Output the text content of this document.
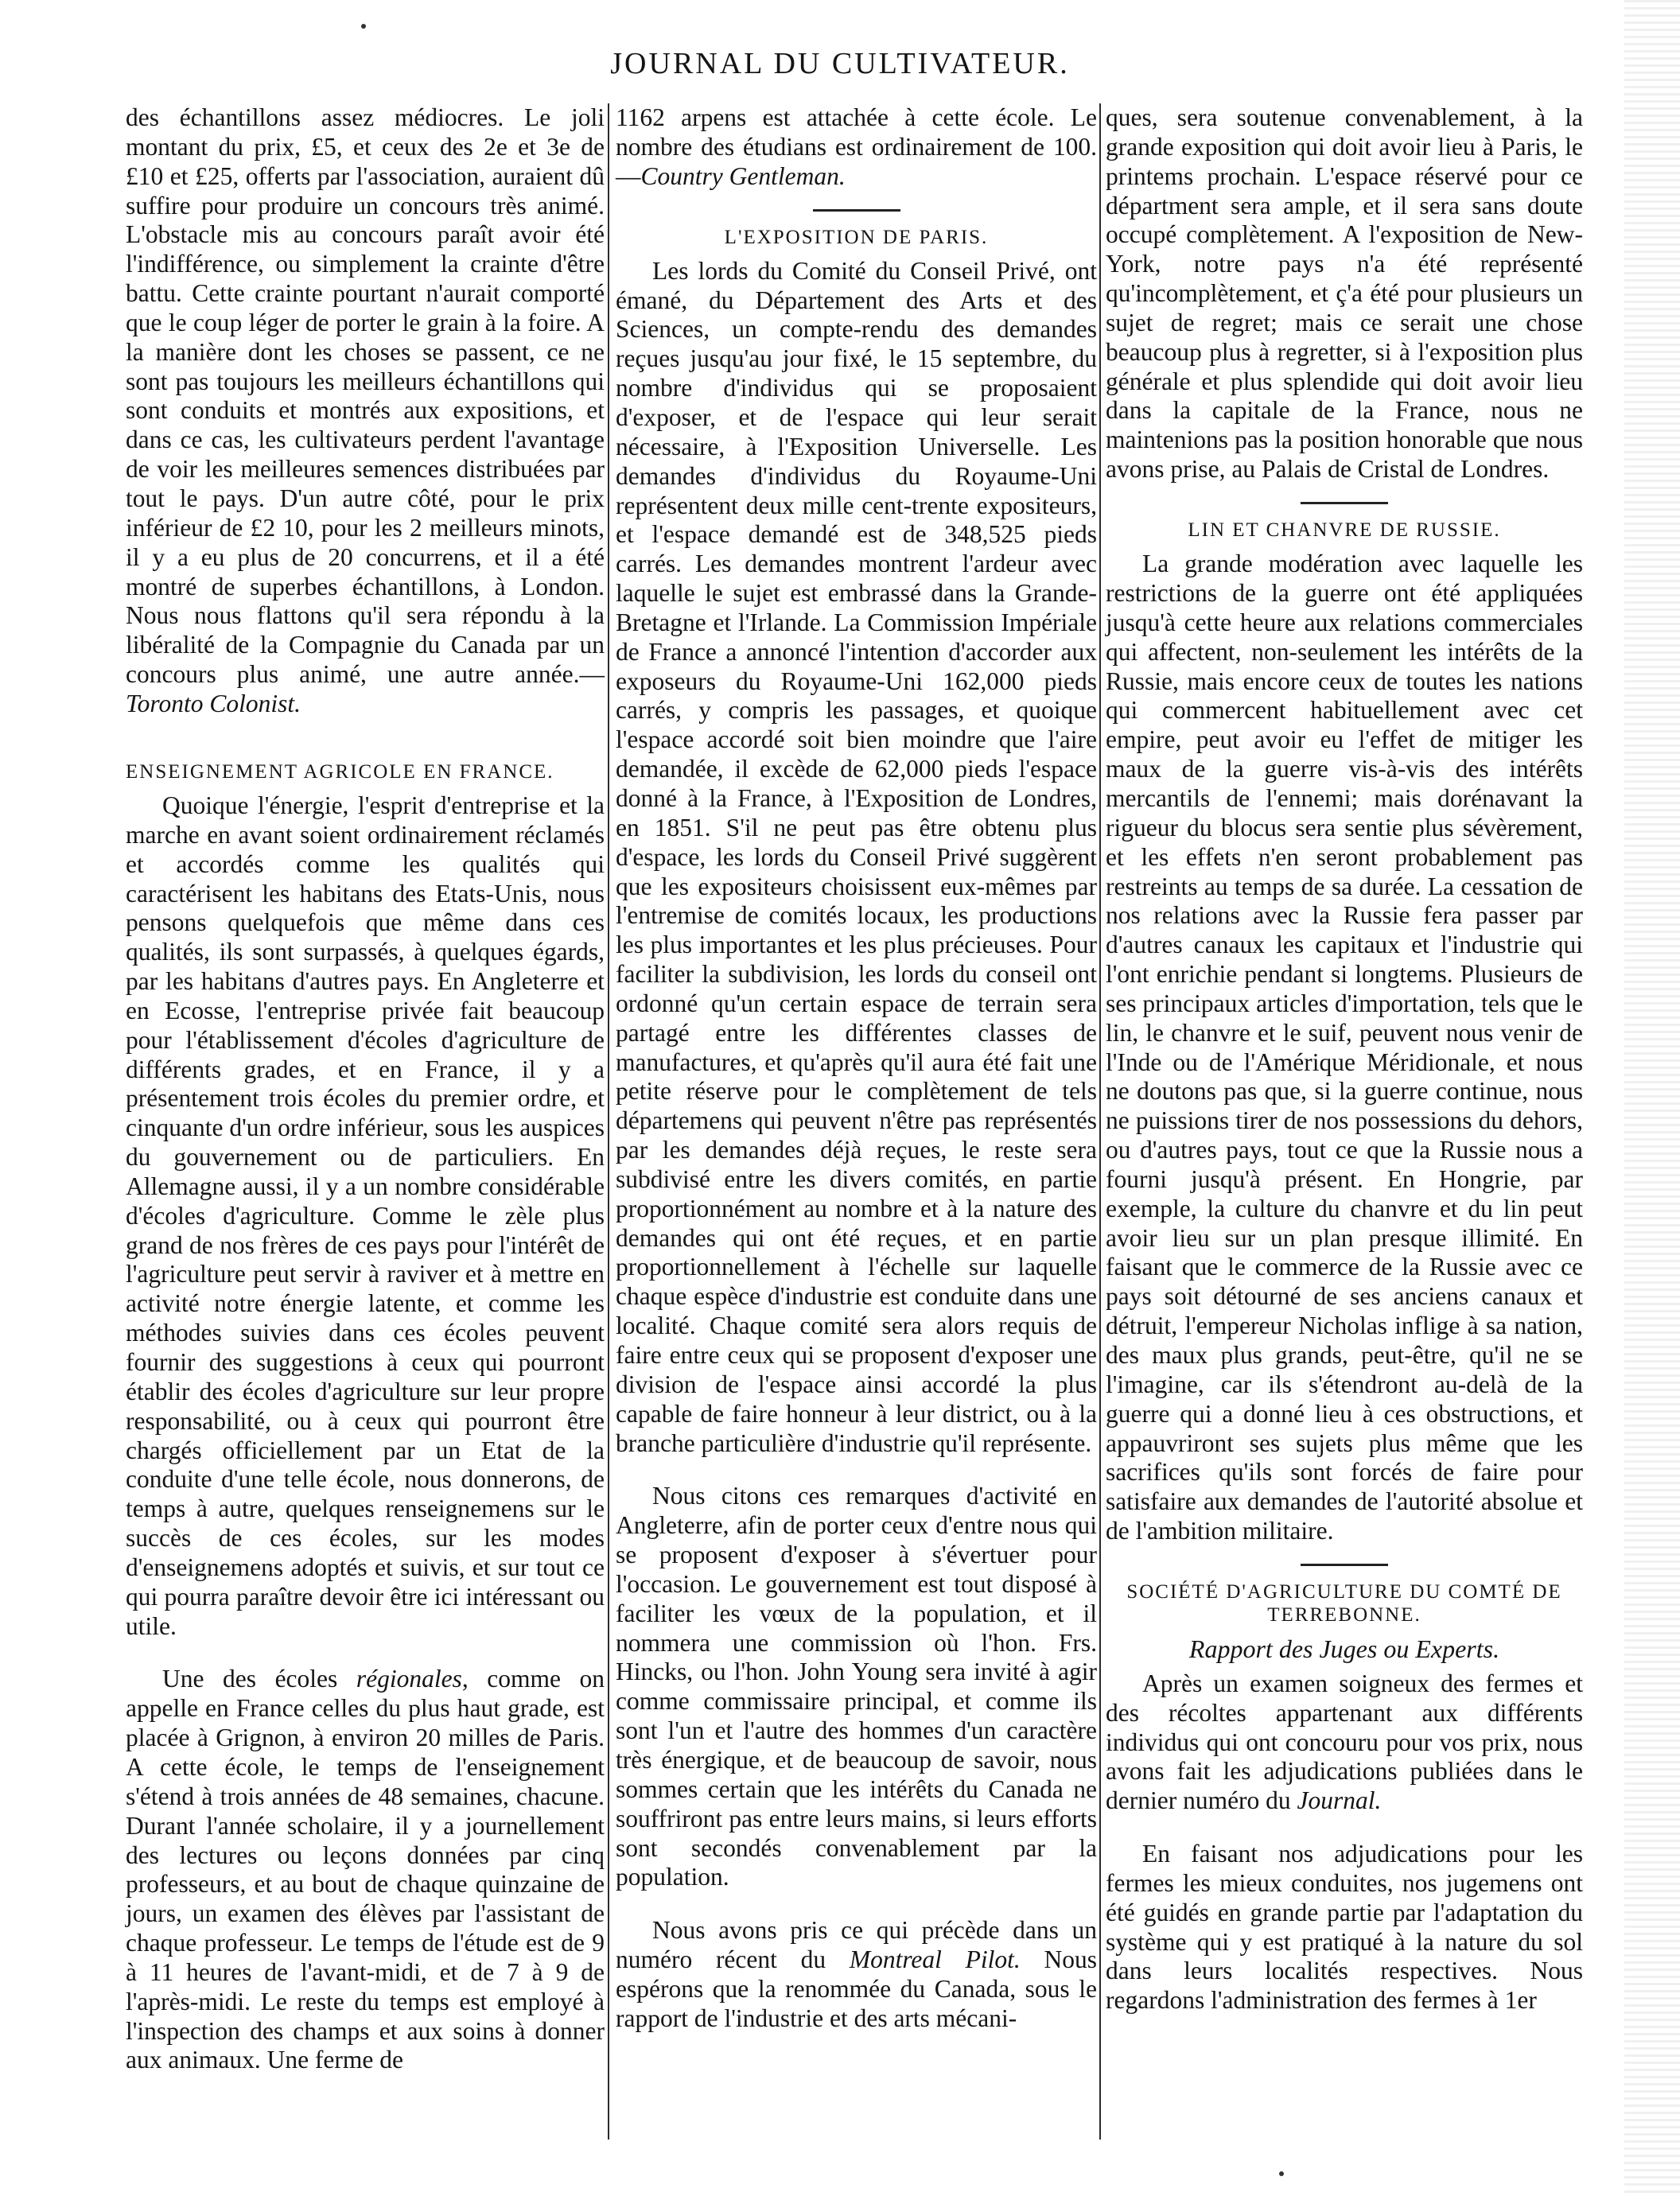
JOURNAL DU CULTIVATEUR.

des échantillons assez médiocres. Le joli montant du prix, £5, et ceux des 2e et 3e de £10 et £25, offerts par l'association, auraient dû suffire pour produire un concours très animé. L'obstacle mis au concours paraît avoir été l'indifférence, ou simplement la crainte d'être battu. Cette crainte pourtant n'aurait comporté que le coup léger de porter le grain à la foire. A la manière dont les choses se passent, ce ne sont pas toujours les meilleurs échantillons qui sont conduits et montrés aux expositions, et dans ce cas, les cultivateurs perdent l'avantage de voir les meilleures semences distribuées par tout le pays. D'un autre côté, pour le prix inférieur de £2 10, pour les 2 meilleurs minots, il y a eu plus de 20 concurrens, et il a été montré de superbes échantillons, à London. Nous nous flattons qu'il sera répondu à la libéralité de la Compagnie du Canada par un concours plus animé, une autre année.—Toronto Colonist.

ENSEIGNEMENT AGRICOLE EN FRANCE.

Quoique l'énergie, l'esprit d'entreprise et la marche en avant soient ordinairement réclamés et accordés comme les qualités qui caractérisent les habitans des Etats-Unis, nous pensons quelquefois que même dans ces qualités, ils sont surpassés, à quelques égards, par les habitans d'autres pays. En Angleterre et en Ecosse, l'entreprise privée fait beaucoup pour l'établissement d'écoles d'agriculture de différents grades, et en France, il y a présentement trois écoles du premier ordre, et cinquante d'un ordre inférieur, sous les auspices du gouvernement ou de particuliers. En Allemagne aussi, il y a un nombre considérable d'écoles d'agriculture. Comme le zèle plus grand de nos frères de ces pays pour l'intérêt de l'agriculture peut servir à raviver et à mettre en activité notre énergie latente, et comme les méthodes suivies dans ces écoles peuvent fournir des suggestions à ceux qui pourront établir des écoles d'agriculture sur leur propre responsabilité, ou à ceux qui pourront être chargés officiellement par un Etat de la conduite d'une telle école, nous donnerons, de temps à autre, quelques renseignemens sur le succès de ces écoles, sur les modes d'enseignemens adoptés et suivis, et sur tout ce qui pourra paraître devoir être ici intéressant ou utile.

Une des écoles régionales, comme on appelle en France celles du plus haut grade, est placée à Grignon, à environ 20 milles de Paris. A cette école, le temps de l'enseignement s'étend à trois années de 48 semaines, chacune. Durant l'année scholaire, il y a journellement des lectures ou leçons données par cinq professeurs, et au bout de chaque quinzaine de jours, un examen des élèves par l'assistant de chaque professeur. Le temps de l'étude est de 9 à 11 heures de l'avant-midi, et de 7 à 9 de l'après-midi. Le reste du temps est employé à l'inspection des champs et aux soins à donner aux animaux. Une ferme de

1162 arpens est attachée à cette école. Le nombre des étudians est ordinairement de 100.—Country Gentleman.

L'EXPOSITION DE PARIS.

Les lords du Comité du Conseil Privé, ont émané, du Département des Arts et des Sciences, un compte-rendu des demandes reçues jusqu'au jour fixé, le 15 septembre, du nombre d'individus qui se proposaient d'exposer, et de l'espace qui leur serait nécessaire, à l'Exposition Universelle. Les demandes d'individus du Royaume-Uni représentent deux mille cent-trente expositeurs, et l'espace demandé est de 348,525 pieds carrés. Les demandes montrent l'ardeur avec laquelle le sujet est embrassé dans la Grande-Bretagne et l'Irlande. La Commission Impériale de France a annoncé l'intention d'accorder aux exposeurs du Royaume-Uni 162,000 pieds carrés, y compris les passages, et quoique l'espace accordé soit bien moindre que l'aire demandée, il excède de 62,000 pieds l'espace donné à la France, à l'Exposition de Londres, en 1851. S'il ne peut pas être obtenu plus d'espace, les lords du Conseil Privé suggèrent que les expositeurs choisissent eux-mêmes par l'entremise de comités locaux, les productions les plus importantes et les plus précieuses. Pour faciliter la subdivision, les lords du conseil ont ordonné qu'un certain espace de terrain sera partagé entre les différentes classes de manufactures, et qu'après qu'il aura été fait une petite réserve pour le complètement de tels départemens qui peuvent n'être pas représentés par les demandes déjà reçues, le reste sera subdivisé entre les divers comités, en partie proportionnément au nombre et à la nature des demandes qui ont été reçues, et en partie proportionnellement à l'échelle sur laquelle chaque espèce d'industrie est conduite dans une localité. Chaque comité sera alors requis de faire entre ceux qui se proposent d'exposer une division de l'espace ainsi accordé la plus capable de faire honneur à leur district, ou à la branche particulière d'industrie qu'il représente.

Nous citons ces remarques d'activité en Angleterre, afin de porter ceux d'entre nous qui se proposent d'exposer à s'évertuer pour l'occasion. Le gouvernement est tout disposé à faciliter les vœux de la population, et il nommera une commission où l'hon. Frs. Hincks, ou l'hon. John Young sera invité à agir comme commissaire principal, et comme ils sont l'un et l'autre des hommes d'un caractère très énergique, et de beaucoup de savoir, nous sommes certain que les intérêts du Canada ne souffriront pas entre leurs mains, si leurs efforts sont secondés convenablement par la population.

Nous avons pris ce qui précède dans un numéro récent du Montreal Pilot. Nous espérons que la renommée du Canada, sous le rapport de l'industrie et des arts mécani-

ques, sera soutenue convenablement, à la grande exposition qui doit avoir lieu à Paris, le printems prochain. L'espace réservé pour ce départment sera ample, et il sera sans doute occupé complètement. A l'exposition de New-York, notre pays n'a été représenté qu'incomplètement, et ç'a été pour plusieurs un sujet de regret; mais ce serait une chose beaucoup plus à regretter, si à l'exposition plus générale et plus splendide qui doit avoir lieu dans la capitale de la France, nous ne maintenions pas la position honorable que nous avons prise, au Palais de Cristal de Londres.

LIN ET CHANVRE DE RUSSIE.

La grande modération avec laquelle les restrictions de la guerre ont été appliquées jusqu'à cette heure aux relations commerciales qui affectent, non-seulement les intérêts de la Russie, mais encore ceux de toutes les nations qui commercent habituellement avec cet empire, peut avoir eu l'effet de mitiger les maux de la guerre vis-à-vis des intérêts mercantils de l'ennemi; mais dorénavant la rigueur du blocus sera sentie plus sévèrement, et les effets n'en seront probablement pas restreints au temps de sa durée. La cessation de nos relations avec la Russie fera passer par d'autres canaux les capitaux et l'industrie qui l'ont enrichie pendant si longtems. Plusieurs de ses principaux articles d'importation, tels que le lin, le chanvre et le suif, peuvent nous venir de l'Inde ou de l'Amérique Méridionale, et nous ne doutons pas que, si la guerre continue, nous ne puissions tirer de nos possessions du dehors, ou d'autres pays, tout ce que la Russie nous a fourni jusqu'à présent. En Hongrie, par exemple, la culture du chanvre et du lin peut avoir lieu sur un plan presque illimité. En faisant que le commerce de la Russie avec ce pays soit détourné de ses anciens canaux et détruit, l'empereur Nicholas inflige à sa nation, des maux plus grands, peut-être, qu'il ne se l'imagine, car ils s'étendront au-delà de la guerre qui a donné lieu à ces obstructions, et appauvriront ses sujets plus même que les sacrifices qu'ils sont forcés de faire pour satisfaire aux demandes de l'autorité absolue et de l'ambition militaire.

SOCIÉTÉ D'AGRICULTURE DU COMTÉ DE TERREBONNE.
Rapport des Juges ou Experts.

Après un examen soigneux des fermes et des récoltes appartenant aux différents individus qui ont concouru pour vos prix, nous avons fait les adjudications publiées dans le dernier numéro du Journal.

En faisant nos adjudications pour les fermes les mieux conduites, nos jugemens ont été guidés en grande partie par l'adaptation du système qui y est pratiqué à la nature du sol dans leurs localités respectives. Nous regardons l'administration des fermes à 1er
